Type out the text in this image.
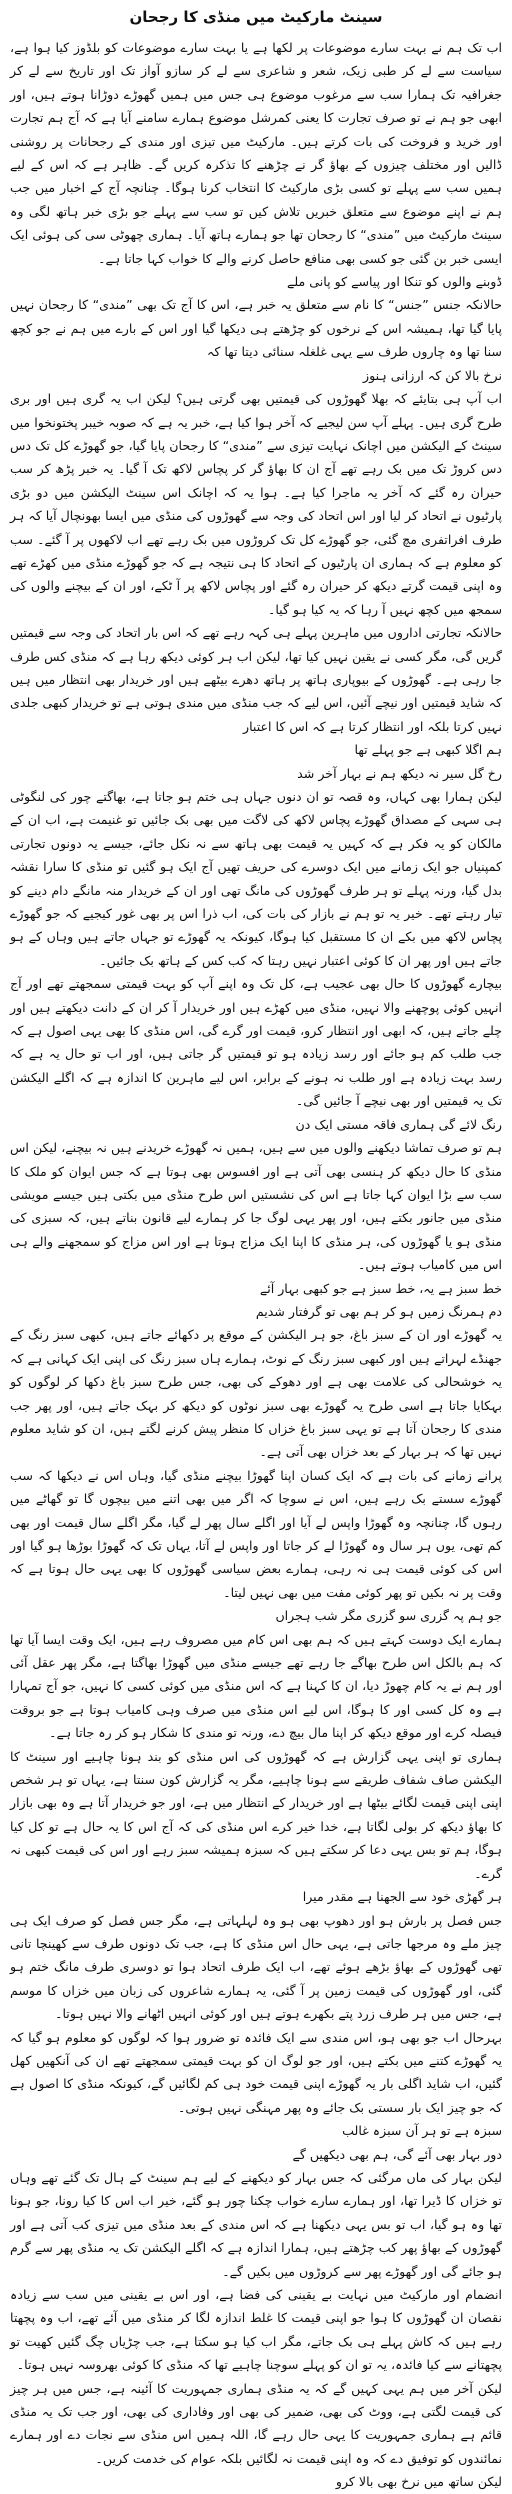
سینٹ مارکیٹ میں منڈی کا رجحان

اب تک ہم نے بہت سارے موضوعات پر لکھا ہے یا بہت سارے موضوعات کو بلڈوز کیا ہوا ہے، سیاست سے لے کر طبی زیک، شعر و شاعری سے لے کر سازو آواز تک اور تاریخ سے لے کر جغرافیہ تک ہمارا سب سے مرغوب موضوع ہی جس میں ہمیں گھوڑے دوڑانا ہوتے ہیں، اور ابھی جو ہم نے تو صرف تجارت کا یعنی کمرشل موضوع ہمارے سامنے آیا ہے کہ آج ہم تجارت اور خرید و فروخت کی بات کرتے ہیں۔ مارکیٹ میں تیزی اور مندی کے رجحانات پر روشنی ڈالیں اور مختلف چیزوں کے بھاؤ گر نے چڑھنے کا تذکرہ کریں گے۔ ظاہر ہے کہ اس کے لیے ہمیں سب سے پہلے تو کسی بڑی مارکیٹ کا انتخاب کرنا ہوگا۔ چنانچہ آج کے اخبار میں جب ہم نے اپنے موضوع سے متعلق خبریں تلاش کیں تو سب سے پہلے جو بڑی خبر ہاتھ لگی وہ سینٹ مارکیٹ میں ”مندی“ کا رجحان تھا جو ہمارے ہاتھ آیا۔ ہماری چھوٹی سی کی ہوئی ایک ایسی خبر بن گئی جو کسی بھی منافع حاصل کرنے والے کا خواب کہا جاتا ہے۔

ڈوبنے والوں کو تنکا اور پیاسے کو پانی ملے

حالانکہ جنس ”جنس“ کا نام سے متعلق یہ خبر ہے، اس کا آج تک بھی ”مندی“ کا رجحان نہیں پایا گیا تھا، ہمیشہ اس کے نرخوں کو چڑھتے ہی دیکھا گیا اور اس کے بارے میں ہم نے جو کچھ سنا تھا وہ چاروں طرف سے یہی غلغلہ سنائی دیتا تھا کہ

نرخ بالا کن کہ ارزانی ہنوز

اب آپ ہی بتایئے کہ بھلا گھوڑوں کی قیمتیں بھی گرتی ہیں؟ لیکن اب یہ گری ہیں اور بری طرح گری ہیں۔ پہلے آپ سن لیجیے کہ آخر ہوا کیا ہے، خبر یہ ہے کہ صوبہ خیبر پختونخوا میں سینٹ کے الیکشن میں اچانک نہایت تیزی سے ”مندی“ کا رجحان پایا گیا، جو گھوڑے کل تک دس دس کروڑ تک میں بک رہے تھے آج ان کا بھاؤ گر کر پچاس لاکھ تک آ گیا۔ یہ خبر پڑھ کر سب حیران رہ گئے کہ آخر یہ ماجرا کیا ہے۔ ہوا یہ کہ اچانک اس سینٹ الیکشن میں دو بڑی پارٹیوں نے اتحاد کر لیا اور اس اتحاد کی وجہ سے گھوڑوں کی منڈی میں ایسا بھونچال آیا کہ ہر طرف افراتفری مچ گئی، جو گھوڑے کل تک کروڑوں میں بک رہے تھے اب لاکھوں پر آ گئے۔ سب کو معلوم ہے کہ ہماری ان پارٹیوں کے اتحاد کا ہی نتیجہ ہے کہ جو گھوڑے منڈی میں کھڑے تھے وہ اپنی قیمت گرتے دیکھ کر حیران رہ گئے اور پچاس لاکھ پر آ ٹکے، اور ان کے بیچنے والوں کی سمجھ میں کچھ نہیں آ رہا کہ یہ کیا ہو گیا۔

حالانکہ تجارتی اداروں میں ماہرین پہلے ہی کہہ رہے تھے کہ اس بار اتحاد کی وجہ سے قیمتیں گریں گی، مگر کسی نے یقین نہیں کیا تھا، لیکن اب ہر کوئی دیکھ رہا ہے کہ منڈی کس طرف جا رہی ہے۔ گھوڑوں کے بیوپاری ہاتھ پر ہاتھ دھرے بیٹھے ہیں اور خریدار بھی انتظار میں ہیں کہ شاید قیمتیں اور نیچے آئیں، اس لیے کہ جب منڈی میں مندی ہوتی ہے تو خریدار کبھی جلدی نہیں کرتا بلکہ اور انتظار کرتا ہے کہ اس کا اعتبار

ہم اگلا کبھی ہے جو پہلے تھا

رخ گل سیر نہ دیکھ ہم نے بہار آخر شد

لیکن ہمارا بھی کہاں، وہ قصہ تو ان دنوں جہاں ہی ختم ہو جاتا ہے، بھاگتے چور کی لنگوٹی ہی سہی کے مصداق گھوڑے پچاس لاکھ کی لاگت میں بھی بک جائیں تو غنیمت ہے، اب ان کے مالکان کو یہ فکر ہے کہ کہیں یہ قیمت بھی ہاتھ سے نہ نکل جائے، جیسے یہ دونوں تجارتی کمپنیاں جو ایک زمانے میں ایک دوسرے کی حریف تھیں آج ایک ہو گئیں تو منڈی کا سارا نقشہ بدل گیا، ورنہ پہلے تو ہر طرف گھوڑوں کی مانگ تھی اور ان کے خریدار منہ مانگے دام دینے کو تیار رہتے تھے۔ خیر یہ تو ہم نے بازار کی بات کی، اب ذرا اس پر بھی غور کیجیے کہ جو گھوڑے پچاس لاکھ میں بکے ان کا مستقبل کیا ہوگا، کیونکہ یہ گھوڑے تو جہاں جاتے ہیں وہاں کے ہو جاتے ہیں اور پھر ان کا کوئی اعتبار نہیں رہتا کہ کب کس کے ہاتھ بک جائیں۔

بیچارے گھوڑوں کا حال بھی عجیب ہے، کل تک وہ اپنے آپ کو بہت قیمتی سمجھتے تھے اور آج انہیں کوئی پوچھنے والا نہیں، منڈی میں کھڑے ہیں اور خریدار آ کر ان کے دانت دیکھتے ہیں اور چلے جاتے ہیں، کہ ابھی اور انتظار کرو، قیمت اور گرے گی، اس منڈی کا بھی یہی اصول ہے کہ جب طلب کم ہو جائے اور رسد زیادہ ہو تو قیمتیں گر جاتی ہیں، اور اب تو حال یہ ہے کہ رسد بہت زیادہ ہے اور طلب نہ ہونے کے برابر، اس لیے ماہرین کا اندازہ ہے کہ اگلے الیکشن تک یہ قیمتیں اور بھی نیچے آ جائیں گی۔

رنگ لائے گی ہماری فاقہ مستی ایک دن

ہم تو صرف تماشا دیکھنے والوں میں سے ہیں، ہمیں نہ گھوڑے خریدنے ہیں نہ بیچنے، لیکن اس منڈی کا حال دیکھ کر ہنسی بھی آتی ہے اور افسوس بھی ہوتا ہے کہ جس ایوان کو ملک کا سب سے بڑا ایوان کہا جاتا ہے اس کی نشستیں اس طرح منڈی میں بکتی ہیں جیسے مویشی منڈی میں جانور بکتے ہیں، اور پھر یہی لوگ جا کر ہمارے لیے قانون بناتے ہیں، کہ سبزی کی منڈی ہو یا گھوڑوں کی، ہر منڈی کا اپنا ایک مزاج ہوتا ہے اور اس مزاج کو سمجھنے والے ہی اس میں کامیاب ہوتے ہیں۔

خط سبز ہے یہ، خط سبز ہے جو کبھی بہار آئے

دم ہمرنگ زمیں ہو کر ہم بھی تو گرفتار شدیم

یہ گھوڑے اور ان کے سبز باغ، جو ہر الیکشن کے موقع پر دکھائے جاتے ہیں، کبھی سبز رنگ کے جھنڈے لہراتے ہیں اور کبھی سبز رنگ کے نوٹ، ہمارے ہاں سبز رنگ کی اپنی ایک کہانی ہے کہ یہ خوشحالی کی علامت بھی ہے اور دھوکے کی بھی، جس طرح سبز باغ دکھا کر لوگوں کو بہکایا جاتا ہے اسی طرح یہ گھوڑے بھی سبز نوٹوں کو دیکھ کر بہک جاتے ہیں، اور پھر جب مندی کا رجحان آتا ہے تو یہی سبز باغ خزاں کا منظر پیش کرنے لگتے ہیں، ان کو شاید معلوم نہیں تھا کہ ہر بہار کے بعد خزاں بھی آتی ہے۔

پرانے زمانے کی بات ہے کہ ایک کسان اپنا گھوڑا بیچنے منڈی گیا، وہاں اس نے دیکھا کہ سب گھوڑے سستے بک رہے ہیں، اس نے سوچا کہ اگر میں بھی اتنے میں بیچوں گا تو گھاٹے میں رہوں گا، چنانچہ وہ گھوڑا واپس لے آیا اور اگلے سال پھر لے گیا، مگر اگلے سال قیمت اور بھی کم تھی، یوں ہر سال وہ گھوڑا لے کر جاتا اور واپس لے آتا، یہاں تک کہ گھوڑا بوڑھا ہو گیا اور اس کی کوئی قیمت ہی نہ رہی، ہمارے بعض سیاسی گھوڑوں کا بھی یہی حال ہوتا ہے کہ وقت پر نہ بکیں تو پھر کوئی مفت میں بھی نہیں لیتا۔

جو ہم پہ گزری سو گزری مگر شب ہجراں

ہمارے ایک دوست کہتے ہیں کہ ہم بھی اس کام میں مصروف رہے ہیں، ایک وقت ایسا آیا تھا کہ ہم بالکل اس طرح بھاگے جا رہے تھے جیسے منڈی میں گھوڑا بھاگتا ہے، مگر پھر عقل آئی اور ہم نے یہ کام چھوڑ دیا، ان کا کہنا ہے کہ اس منڈی میں کوئی کسی کا نہیں، جو آج تمہارا ہے وہ کل کسی اور کا ہوگا، اس لیے اس منڈی میں صرف وہی کامیاب ہوتا ہے جو بروقت فیصلہ کرے اور موقع دیکھ کر اپنا مال بیچ دے، ورنہ تو مندی کا شکار ہو کر رہ جاتا ہے۔

ہماری تو اپنی یہی گزارش ہے کہ گھوڑوں کی اس منڈی کو بند ہونا چاہیے اور سینٹ کا الیکشن صاف شفاف طریقے سے ہونا چاہیے، مگر یہ گزارش کون سنتا ہے، یہاں تو ہر شخص اپنی اپنی قیمت لگائے بیٹھا ہے اور خریدار کے انتظار میں ہے، اور جو خریدار آتا ہے وہ بھی بازار کا بھاؤ دیکھ کر بولی لگاتا ہے، خدا خیر کرے اس منڈی کی کہ آج اس کا یہ حال ہے تو کل کیا ہوگا، ہم تو بس یہی دعا کر سکتے ہیں کہ سبزہ ہمیشہ سبز رہے اور اس کی قیمت کبھی نہ گرے۔

ہر گھڑی خود سے الجھنا ہے مقدر میرا

جس فصل پر بارش ہو اور دھوپ بھی ہو وہ لہلہاتی ہے، مگر جس فصل کو صرف ایک ہی چیز ملے وہ مرجھا جاتی ہے، یہی حال اس منڈی کا ہے، جب تک دونوں طرف سے کھینچا تانی تھی گھوڑوں کے بھاؤ بڑھے ہوئے تھے، اب ایک طرف اتحاد ہوا تو دوسری طرف مانگ ختم ہو گئی، اور گھوڑوں کی قیمت زمین پر آ گئی، یہ ہمارے شاعروں کی زبان میں خزاں کا موسم ہے، جس میں ہر طرف زرد پتے بکھرے ہوتے ہیں اور کوئی انہیں اٹھانے والا نہیں ہوتا۔

بہرحال اب جو بھی ہو، اس مندی سے ایک فائدہ تو ضرور ہوا کہ لوگوں کو معلوم ہو گیا کہ یہ گھوڑے کتنے میں بکتے ہیں، اور جو لوگ ان کو بہت قیمتی سمجھتے تھے ان کی آنکھیں کھل گئیں، اب شاید اگلی بار یہ گھوڑے اپنی قیمت خود ہی کم لگائیں گے، کیونکہ منڈی کا اصول ہے کہ جو چیز ایک بار سستی بک جائے وہ پھر مہنگی نہیں ہوتی۔

سبزہ ہے تو ہر آن سبزہ غالب

دور بہار بھی آئے گی، ہم بھی دیکھیں گے

لیکن بہار کی ماں مرگئی کہ جس بہار کو دیکھنے کے لیے ہم سینٹ کے ہال تک گئے تھے وہاں تو خزاں کا ڈیرا تھا، اور ہمارے سارے خواب چکنا چور ہو گئے، خیر اب اس کا کیا رونا، جو ہونا تھا وہ ہو گیا، اب تو بس یہی دیکھنا ہے کہ اس مندی کے بعد منڈی میں تیزی کب آتی ہے اور گھوڑوں کے بھاؤ پھر کب چڑھتے ہیں، ہمارا اندازہ ہے کہ اگلے الیکشن تک یہ منڈی پھر سے گرم ہو جائے گی اور گھوڑے پھر سے کروڑوں میں بکیں گے۔

انضمام اور مارکیٹ میں نہایت بے یقینی کی فضا ہے، اور اس بے یقینی میں سب سے زیادہ نقصان ان گھوڑوں کا ہوا جو اپنی قیمت کا غلط اندازہ لگا کر منڈی میں آئے تھے، اب وہ پچھتا رہے ہیں کہ کاش پہلے ہی بک جاتے، مگر اب کیا ہو سکتا ہے، جب چڑیاں چگ گئیں کھیت تو پچھتانے سے کیا فائدہ، یہ تو ان کو پہلے سوچنا چاہیے تھا کہ منڈی کا کوئی بھروسہ نہیں ہوتا۔

لیکن آخر میں ہم یہی کہیں گے کہ یہ منڈی ہماری جمہوریت کا آئینہ ہے، جس میں ہر چیز کی قیمت لگتی ہے، ووٹ کی بھی، ضمیر کی بھی اور وفاداری کی بھی، اور جب تک یہ منڈی قائم ہے ہماری جمہوریت کا یہی حال رہے گا، اللہ ہمیں اس منڈی سے نجات دے اور ہمارے نمائندوں کو توفیق دے کہ وہ اپنی قیمت نہ لگائیں بلکہ عوام کی خدمت کریں۔

لیکن ساتھ میں نرخ بھی بالا کرو
